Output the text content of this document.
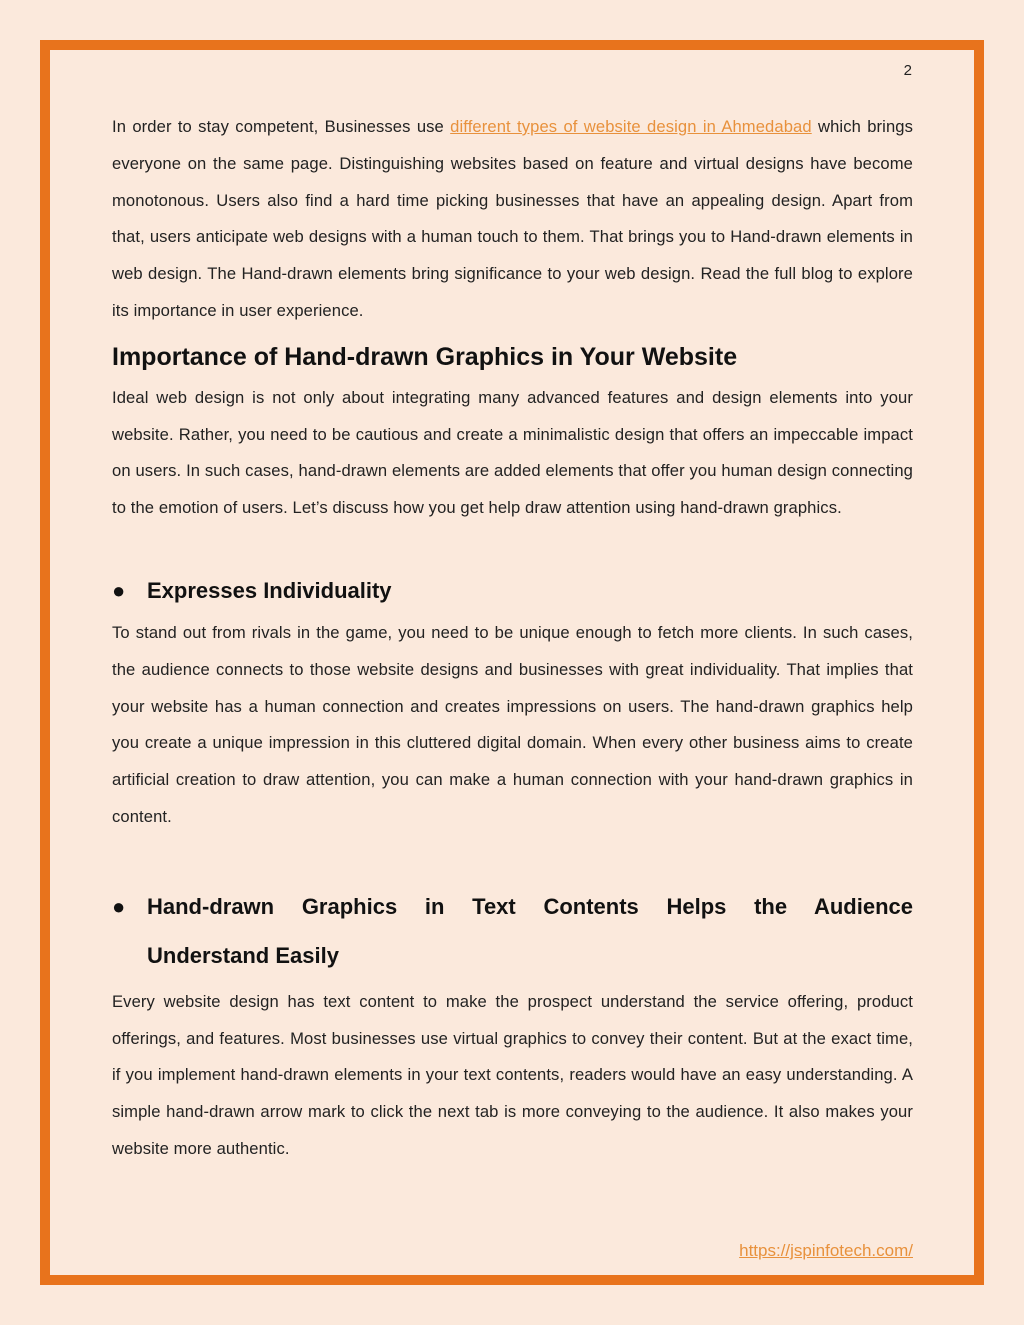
2

In order to stay competent, Businesses use different types of website design in Ahmedabad which brings everyone on the same page. Distinguishing websites based on feature and virtual designs have become monotonous. Users also find a hard time picking businesses that have an appealing design. Apart from that, users anticipate web designs with a human touch to them. That brings you to Hand-drawn elements in web design. The Hand-drawn elements bring significance to your web design. Read the full blog to explore its importance in user experience.

Importance of Hand-drawn Graphics in Your Website

Ideal web design is not only about integrating many advanced features and design elements into your website. Rather, you need to be cautious and create a minimalistic design that offers an impeccable impact on users. In such cases, hand-drawn elements are added elements that offer you human design connecting to the emotion of users. Let’s discuss how you get help draw attention using hand-drawn graphics.

● Expresses Individuality

To stand out from rivals in the game, you need to be unique enough to fetch more clients. In such cases, the audience connects to those website designs and businesses with great individuality. That implies that your website has a human connection and creates impressions on users. The hand-drawn graphics help you create a unique impression in this cluttered digital domain. When every other business aims to create artificial creation to draw attention, you can make a human connection with your hand-drawn graphics in content.

● Hand-drawn Graphics in Text Contents Helps the Audience
Understand Easily

Every website design has text content to make the prospect understand the service offering, product offerings, and features. Most businesses use virtual graphics to convey their content. But at the exact time, if you implement hand-drawn elements in your text contents, readers would have an easy understanding. A simple hand-drawn arrow mark to click the next tab is more conveying to the audience. It also makes your website more authentic.

https://jspinfotech.com/
